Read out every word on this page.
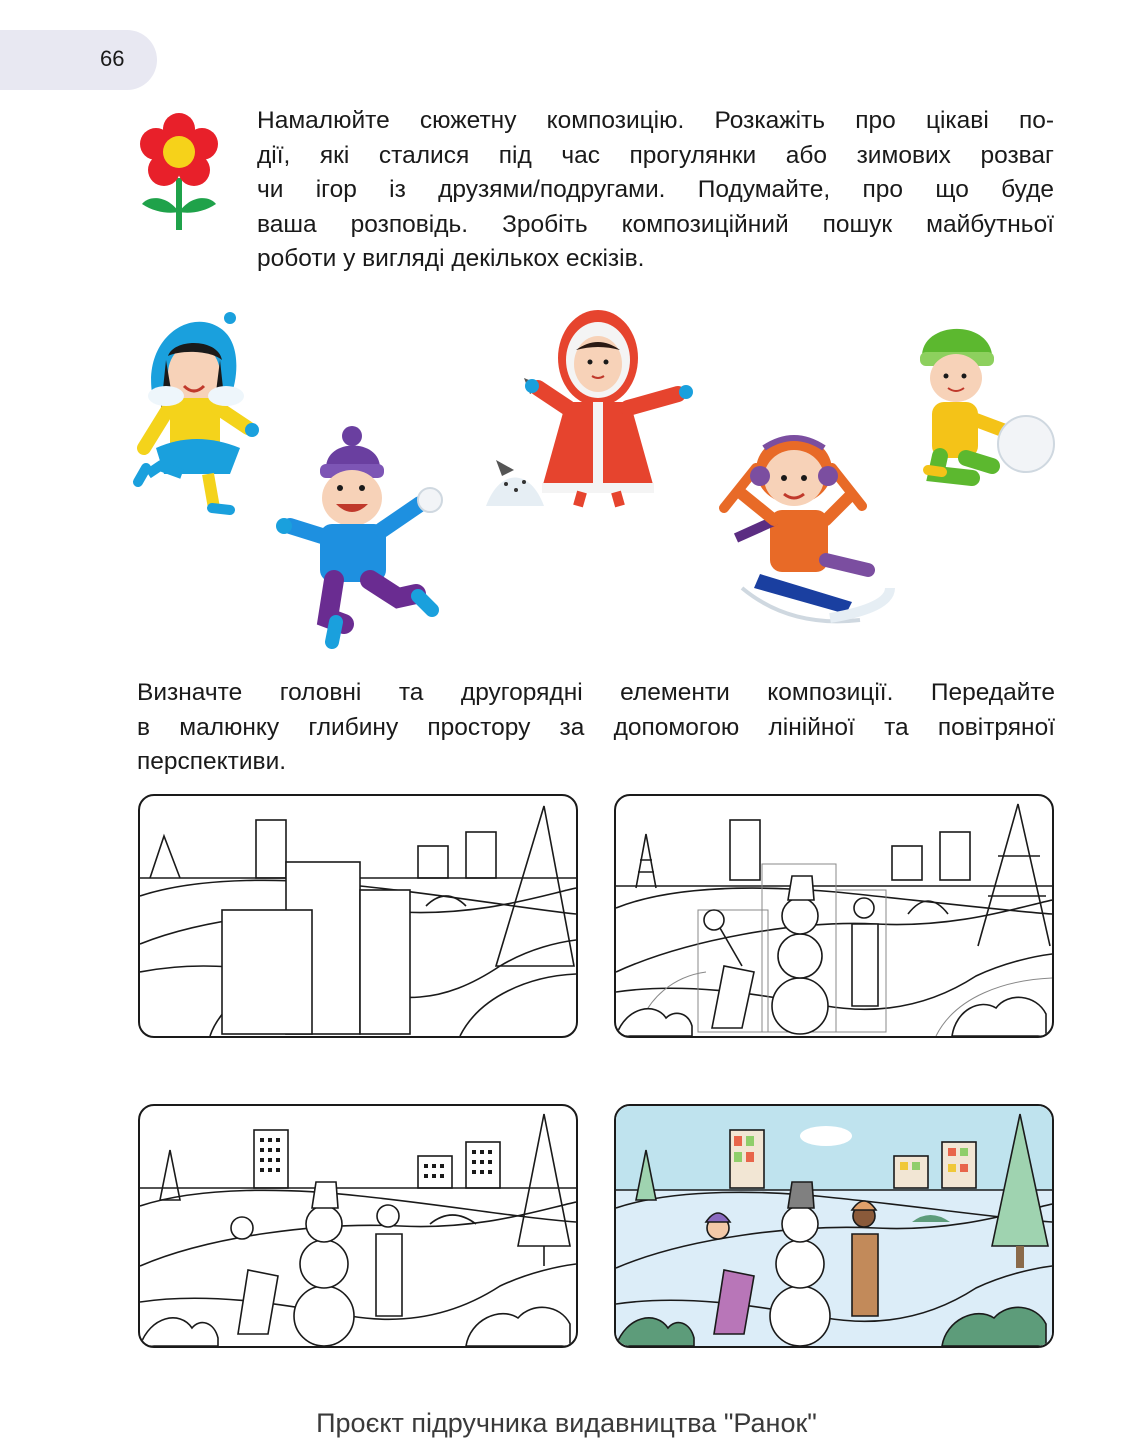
66
Намалюйте сюжетну композицію. Розкажіть про цікаві по-
дії, які сталися під час прогулянки або зимових розваг
чи ігор із друзями/подругами. Подумайте, про що буде
ваша розповідь. Зробіть композиційний пошук майбутньої
роботи у вигляді декількох ескізів.
Визначте головні та другорядні елементи композиції. Передайте
в малюнку глибину простору за допомогою лінійної та повітряної
перспективи.
Проєкт підручника видавництва "Ранок"
